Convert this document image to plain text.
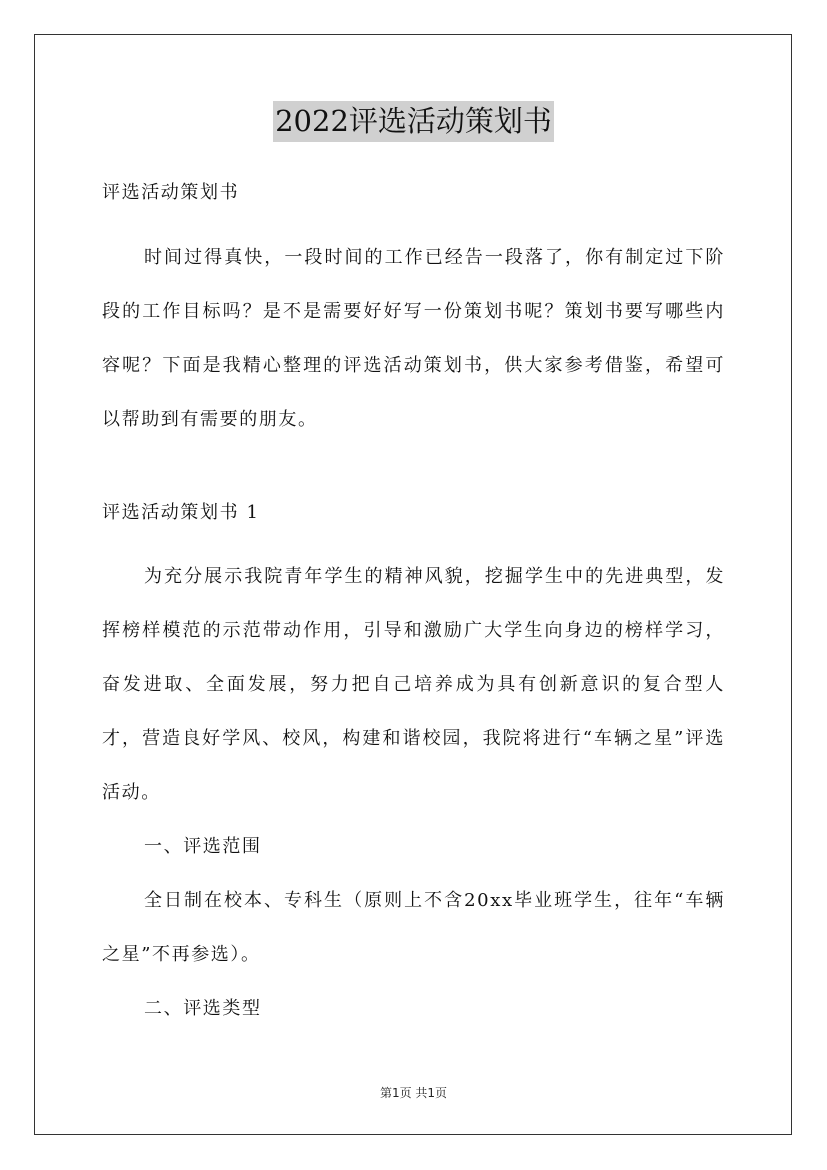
2022评选活动策划书
评选活动策划书

时间过得真快，一段时间的工作已经告一段落了，你有制定过下阶段的工作目标吗？是不是需要好好写一份策划书呢？策划书要写哪些内容呢？下面是我精心整理的评选活动策划书，供大家参考借鉴，希望可以帮助到有需要的朋友。

评选活动策划书 1

为充分展示我院青年学生的精神风貌，挖掘学生中的先进典型，发挥榜样模范的示范带动作用，引导和激励广大学生向身边的榜样学习，奋发进取、全面发展，努力把自己培养成为具有创新意识的复合型人才，营造良好学风、校风，构建和谐校园，我院将进行“车辆之星”评选活动。

一、评选范围

全日制在校本、专科生（原则上不含20xx毕业班学生，往年“车辆之星”不再参选）。

二、评选类型
第1页 共1页
